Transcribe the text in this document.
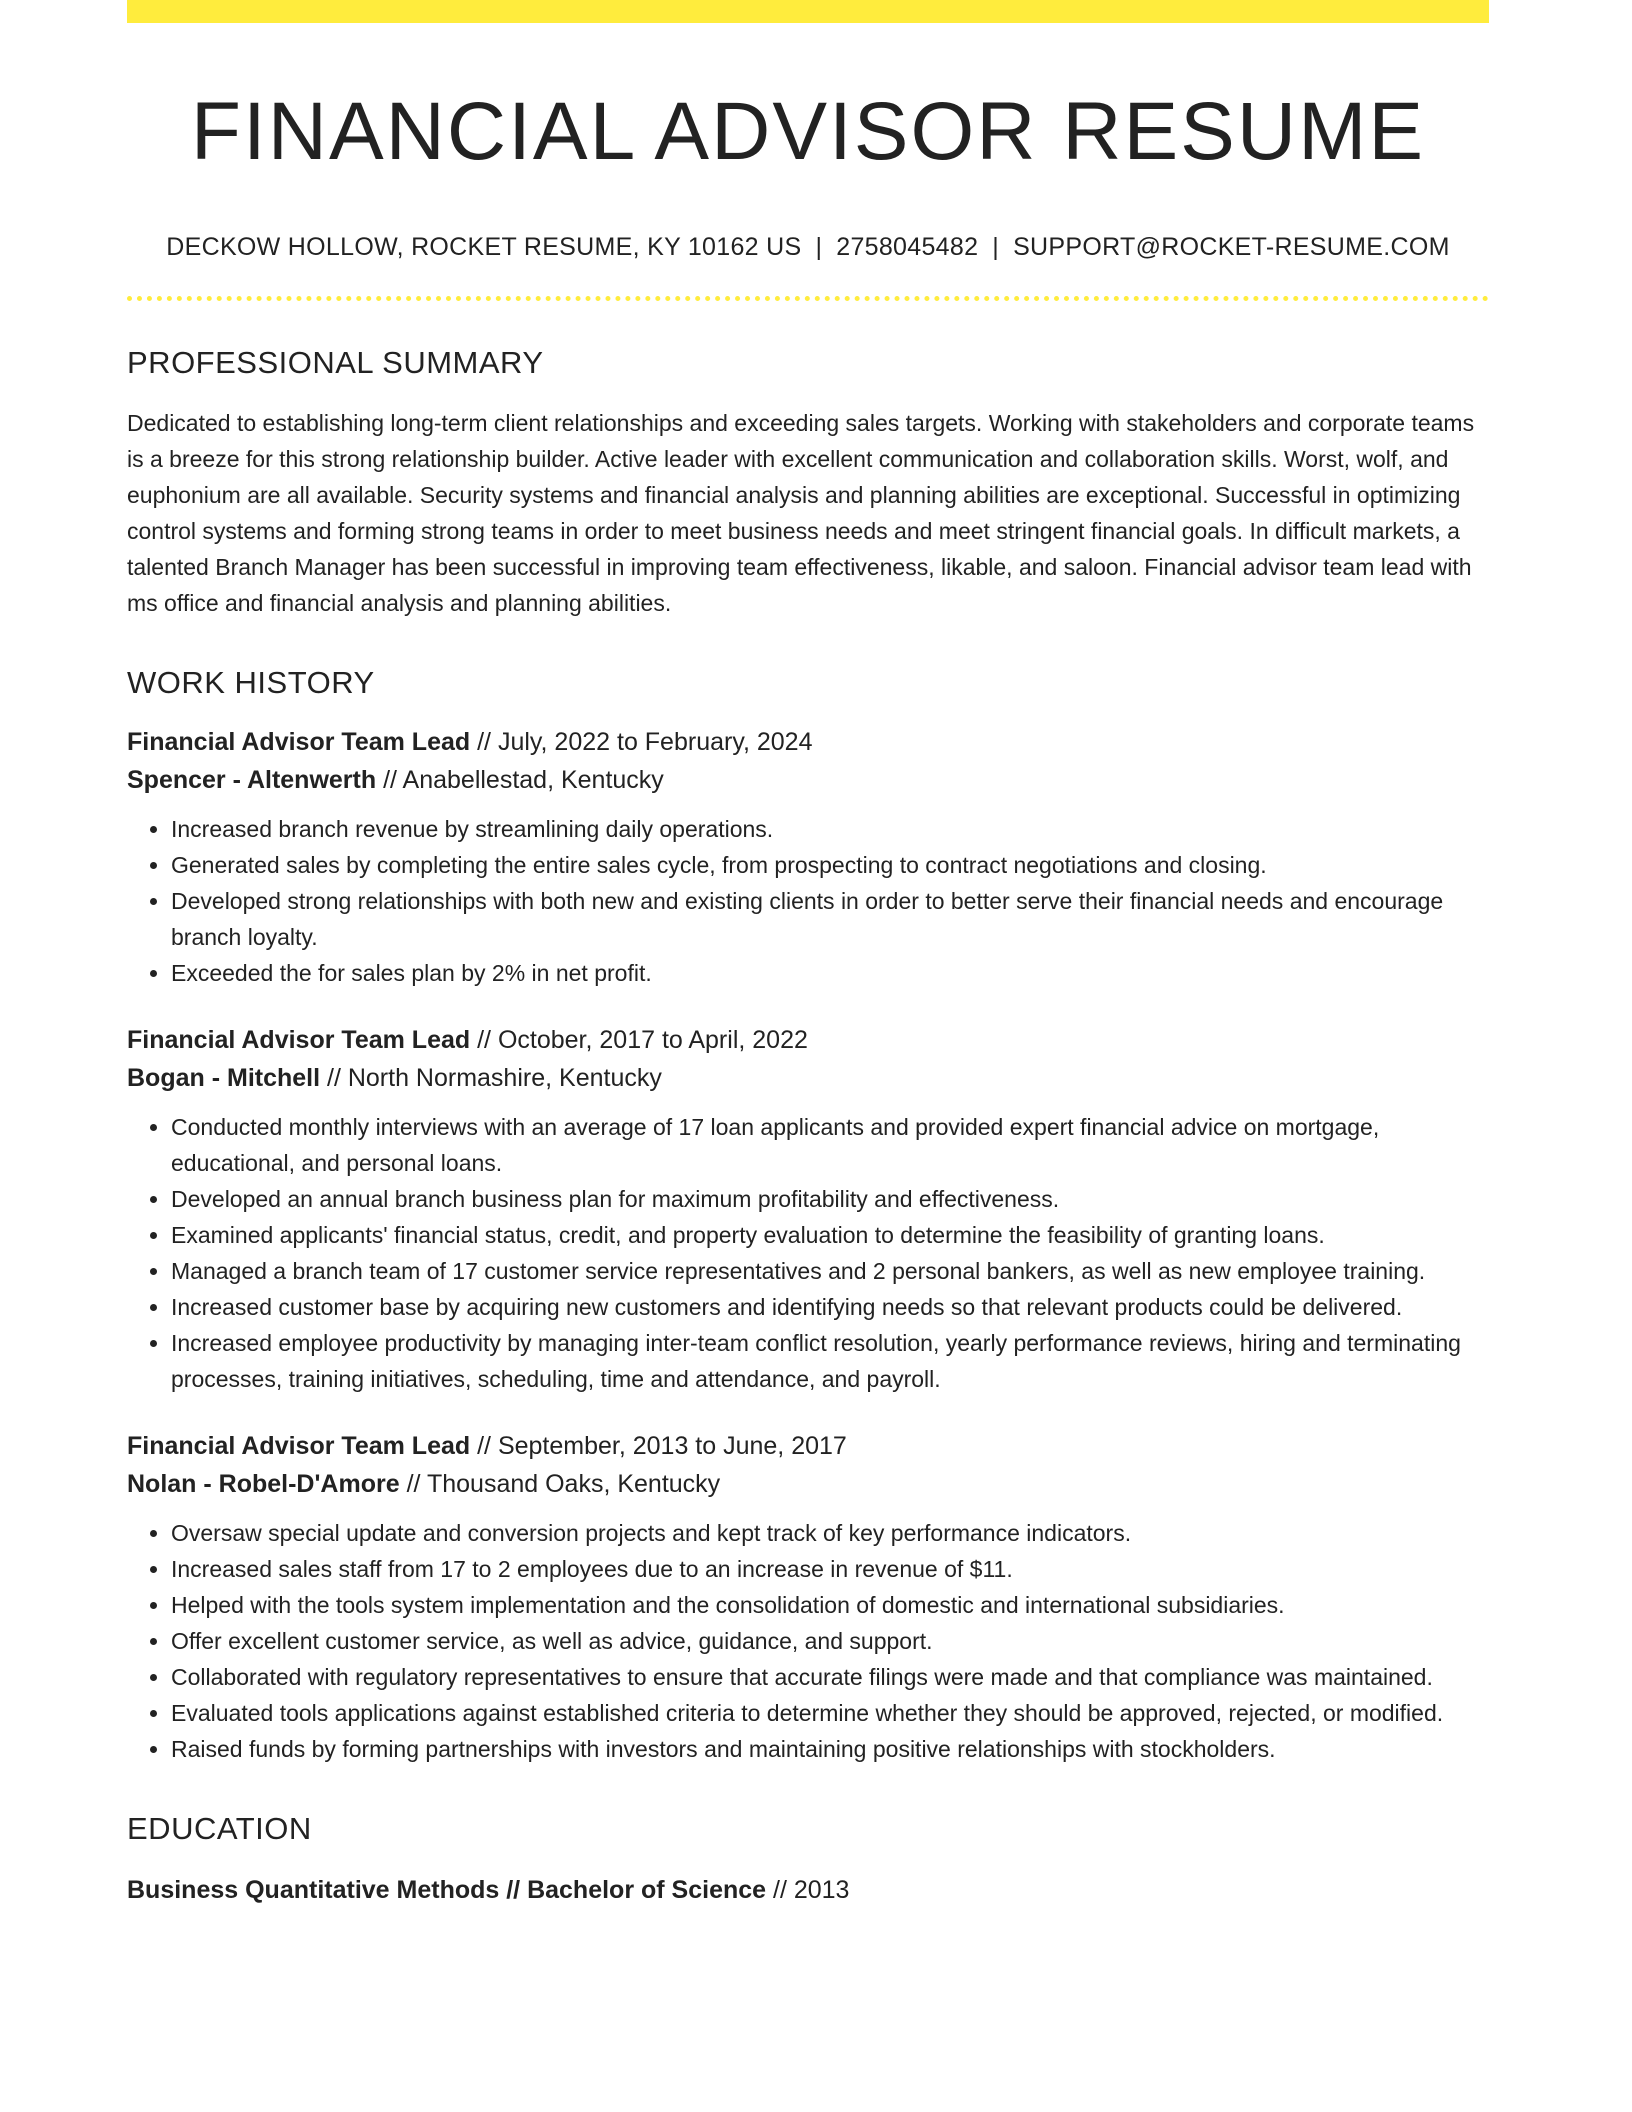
FINANCIAL ADVISOR RESUME
DECKOW HOLLOW, ROCKET RESUME, KY 10162 US | 2758045482 | SUPPORT@ROCKET-RESUME.COM
PROFESSIONAL SUMMARY
Dedicated to establishing long-term client relationships and exceeding sales targets. Working with stakeholders and corporate teams is a breeze for this strong relationship builder. Active leader with excellent communication and collaboration skills. Worst, wolf, and euphonium are all available. Security systems and financial analysis and planning abilities are exceptional. Successful in optimizing control systems and forming strong teams in order to meet business needs and meet stringent financial goals. In difficult markets, a talented Branch Manager has been successful in improving team effectiveness, likable, and saloon. Financial advisor team lead with ms office and financial analysis and planning abilities.
WORK HISTORY
Financial Advisor Team Lead // July, 2022 to February, 2024
Spencer - Altenwerth // Anabellestad, Kentucky
• Increased branch revenue by streamlining daily operations.
• Generated sales by completing the entire sales cycle, from prospecting to contract negotiations and closing.
• Developed strong relationships with both new and existing clients in order to better serve their financial needs and encourage branch loyalty.
• Exceeded the for sales plan by 2% in net profit.
Financial Advisor Team Lead // October, 2017 to April, 2022
Bogan - Mitchell // North Normashire, Kentucky
• Conducted monthly interviews with an average of 17 loan applicants and provided expert financial advice on mortgage, educational, and personal loans.
• Developed an annual branch business plan for maximum profitability and effectiveness.
• Examined applicants' financial status, credit, and property evaluation to determine the feasibility of granting loans.
• Managed a branch team of 17 customer service representatives and 2 personal bankers, as well as new employee training.
• Increased customer base by acquiring new customers and identifying needs so that relevant products could be delivered.
• Increased employee productivity by managing inter-team conflict resolution, yearly performance reviews, hiring and terminating processes, training initiatives, scheduling, time and attendance, and payroll.
Financial Advisor Team Lead // September, 2013 to June, 2017
Nolan - Robel-D'Amore // Thousand Oaks, Kentucky
• Oversaw special update and conversion projects and kept track of key performance indicators.
• Increased sales staff from 17 to 2 employees due to an increase in revenue of $11.
• Helped with the tools system implementation and the consolidation of domestic and international subsidiaries.
• Offer excellent customer service, as well as advice, guidance, and support.
• Collaborated with regulatory representatives to ensure that accurate filings were made and that compliance was maintained.
• Evaluated tools applications against established criteria to determine whether they should be approved, rejected, or modified.
• Raised funds by forming partnerships with investors and maintaining positive relationships with stockholders.
EDUCATION
Business Quantitative Methods // Bachelor of Science // 2013
